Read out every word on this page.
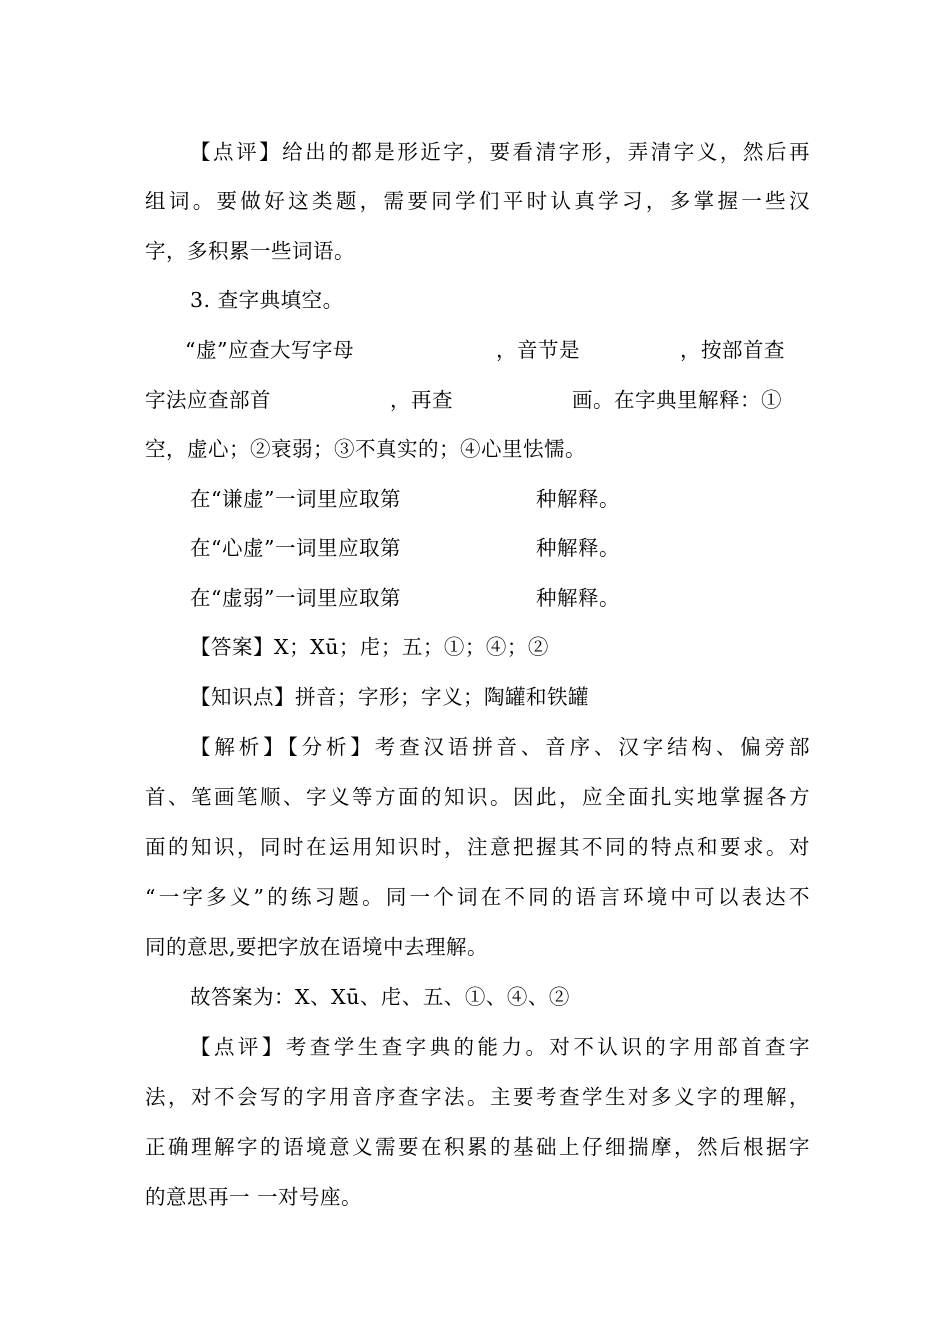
【点评】给出的都是形近字，要看清字形，弄清字义，然后再
组词。要做好这类题，需要同学们平时认真学习，多掌握一些汉
字，多积累一些词语。
3. 查字典填空。
“虚”应查大写字母	，音节是	，按部首查
字法应查部首	，再查	画。在字典里解释：①
空，虚心；②衰弱；③不真实的；④心里怯懦。
在“谦虚”一词里应取第	种解释。
在“心虚”一词里应取第	种解释。
在“虚弱”一词里应取第	种解释。
【答案】X；Xū；虍；五；①；④；②
【知识点】拼音；字形；字义；陶罐和铁罐
【解析】【分析】考查汉语拼音、音序、汉字结构、偏旁部
首、笔画笔顺、字义等方面的知识。因此，应全面扎实地掌握各方
面的知识，同时在运用知识时，注意把握其不同的特点和要求。对
“一字多义”的练习题。同一个词在不同的语言环境中可以表达不
同的意思,要把字放在语境中去理解。
故答案为：X、Xū、虍、五、①、④、②
【点评】考查学生查字典的能力。对不认识的字用部首查字
法，对不会写的字用音序查字法。主要考查学生对多义字的理解，
正确理解字的语境意义需要在积累的基础上仔细揣摩，然后根据字
的意思再一 一对号座。
